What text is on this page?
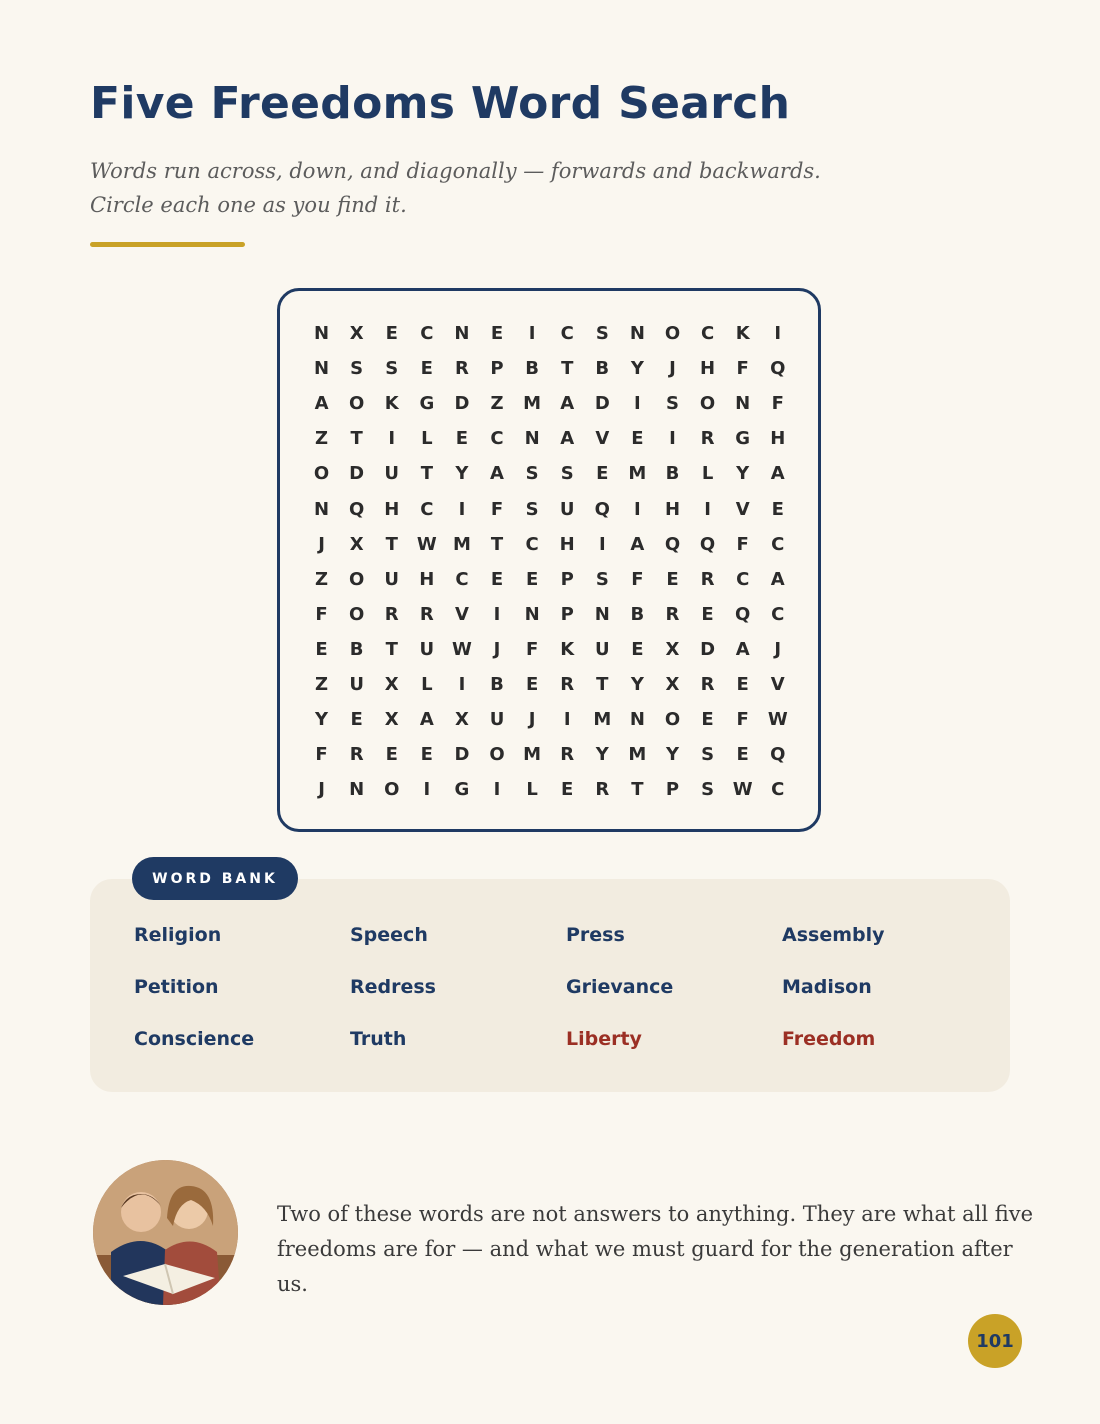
Five Freedoms Word Search

Words run across, down, and diagonally — forwards and backwards. Circle each one as you find it.

N	X	E	C	N	E	I	C	S	N	O	C	K	I
N	S	S	E	R	P	B	T	B	Y	J	H	F	Q
A	O	K	G	D	Z	M	A	D	I	S	O	N	F
Z	T	I	L	E	C	N	A	V	E	I	R	G	H
O	D	U	T	Y	A	S	S	E	M	B	L	Y	A
N	Q	H	C	I	F	S	U	Q	I	H	I	V	E
J	X	T	W M	T	C	H	I	A	Q	Q	F	C
Z	O	U	H	C	E	E	P	S	F	E	R	C	A
F	O	R	R	V	I	N	P	N	B	R	E	Q	C
E	B	T	U W	J	F	K	U	E	X	D	A	J
Z	U	X	L	I	B	E	R	T	Y	X	R	E	V
Y	E	X	A	X	U	J	I	M	N	O	E	F	W
F	R	E	E	D	O	M	R	Y	M	Y	S	E	Q
J	N	O	I	G	I	L	E	R	T	P	S	W	C
Religion	Speech	Press	Assembly
Petition	Redress	Grievance	Madison
Conscience	Truth	Liberty	Freedom
WORD BANK

Two of these words are not answers to anything. They are what all five freedoms are for — and what we must guard for the generation after us.

101
